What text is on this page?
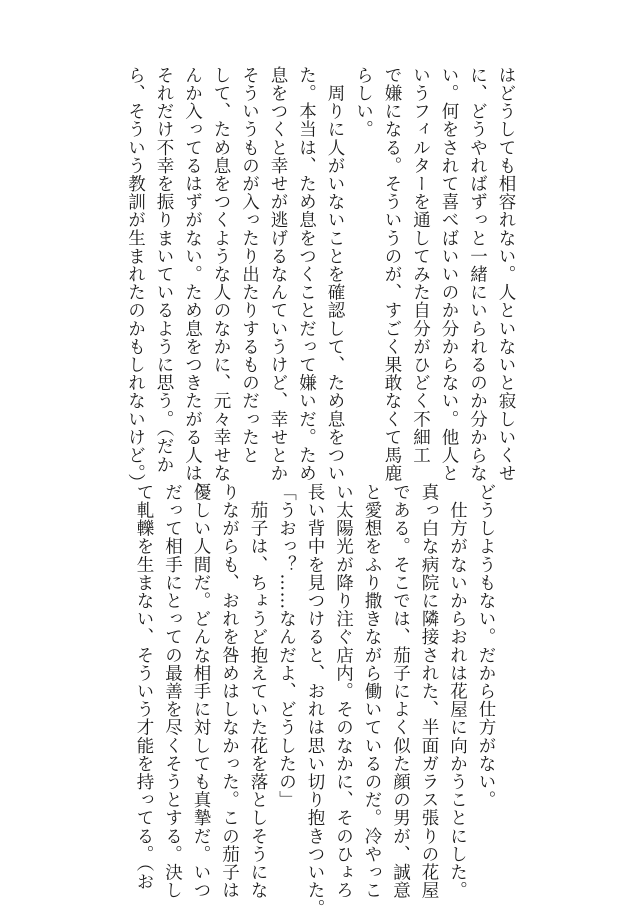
はどうしても相容れない。人といないと寂しいくせ
に、どうやればずっと一緒にいられるのか分からな
い。何をされて喜べばいいのか分からない。他人と
いうフィルターを通してみた自分がひどく不細工
で嫌になる。そういうのが、すごく果敢なくて馬鹿
らしい。
　周りに人がいないことを確認して、ため息をつい
た。本当は、ため息をつくことだって嫌いだ。ため
息をつくと幸せが逃げるなんていうけど、幸せとか
そういうものが入ったり出たりするものだったと
して、ため息をつくような人のなかに、元々幸せな
んか入ってるはずがない。ため息をつきたがる人は、
それだけ不幸を振りまいているように思う。（だか
ら、そういう教訓が生まれたのかもしれないけど。）
どうしようもない。だから仕方がない。
　仕方がないからおれは花屋に向かうことにした。
真っ白な病院に隣接された、半面ガラス張りの花屋
である。そこでは、茄子によく似た顔の男が、誠意
と愛想をふり撒きながら働いているのだ。冷やっこ
い太陽光が降り注ぐ店内。そのなかに、そのひょろ
長い背中を見つけると、おれは思い切り抱きついた。
「うおっ？……なんだよ、どうしたの」
　茄子は、ちょうど抱えていた花を落としそうにな
りながらも、おれを咎めはしなかった。この茄子は
優しい人間だ。どんな相手に対しても真摯だ。いつ
だって相手にとっての最善を尽くそうとする。決し
て軋轢を生まない、そういう才能を持ってる。（お
